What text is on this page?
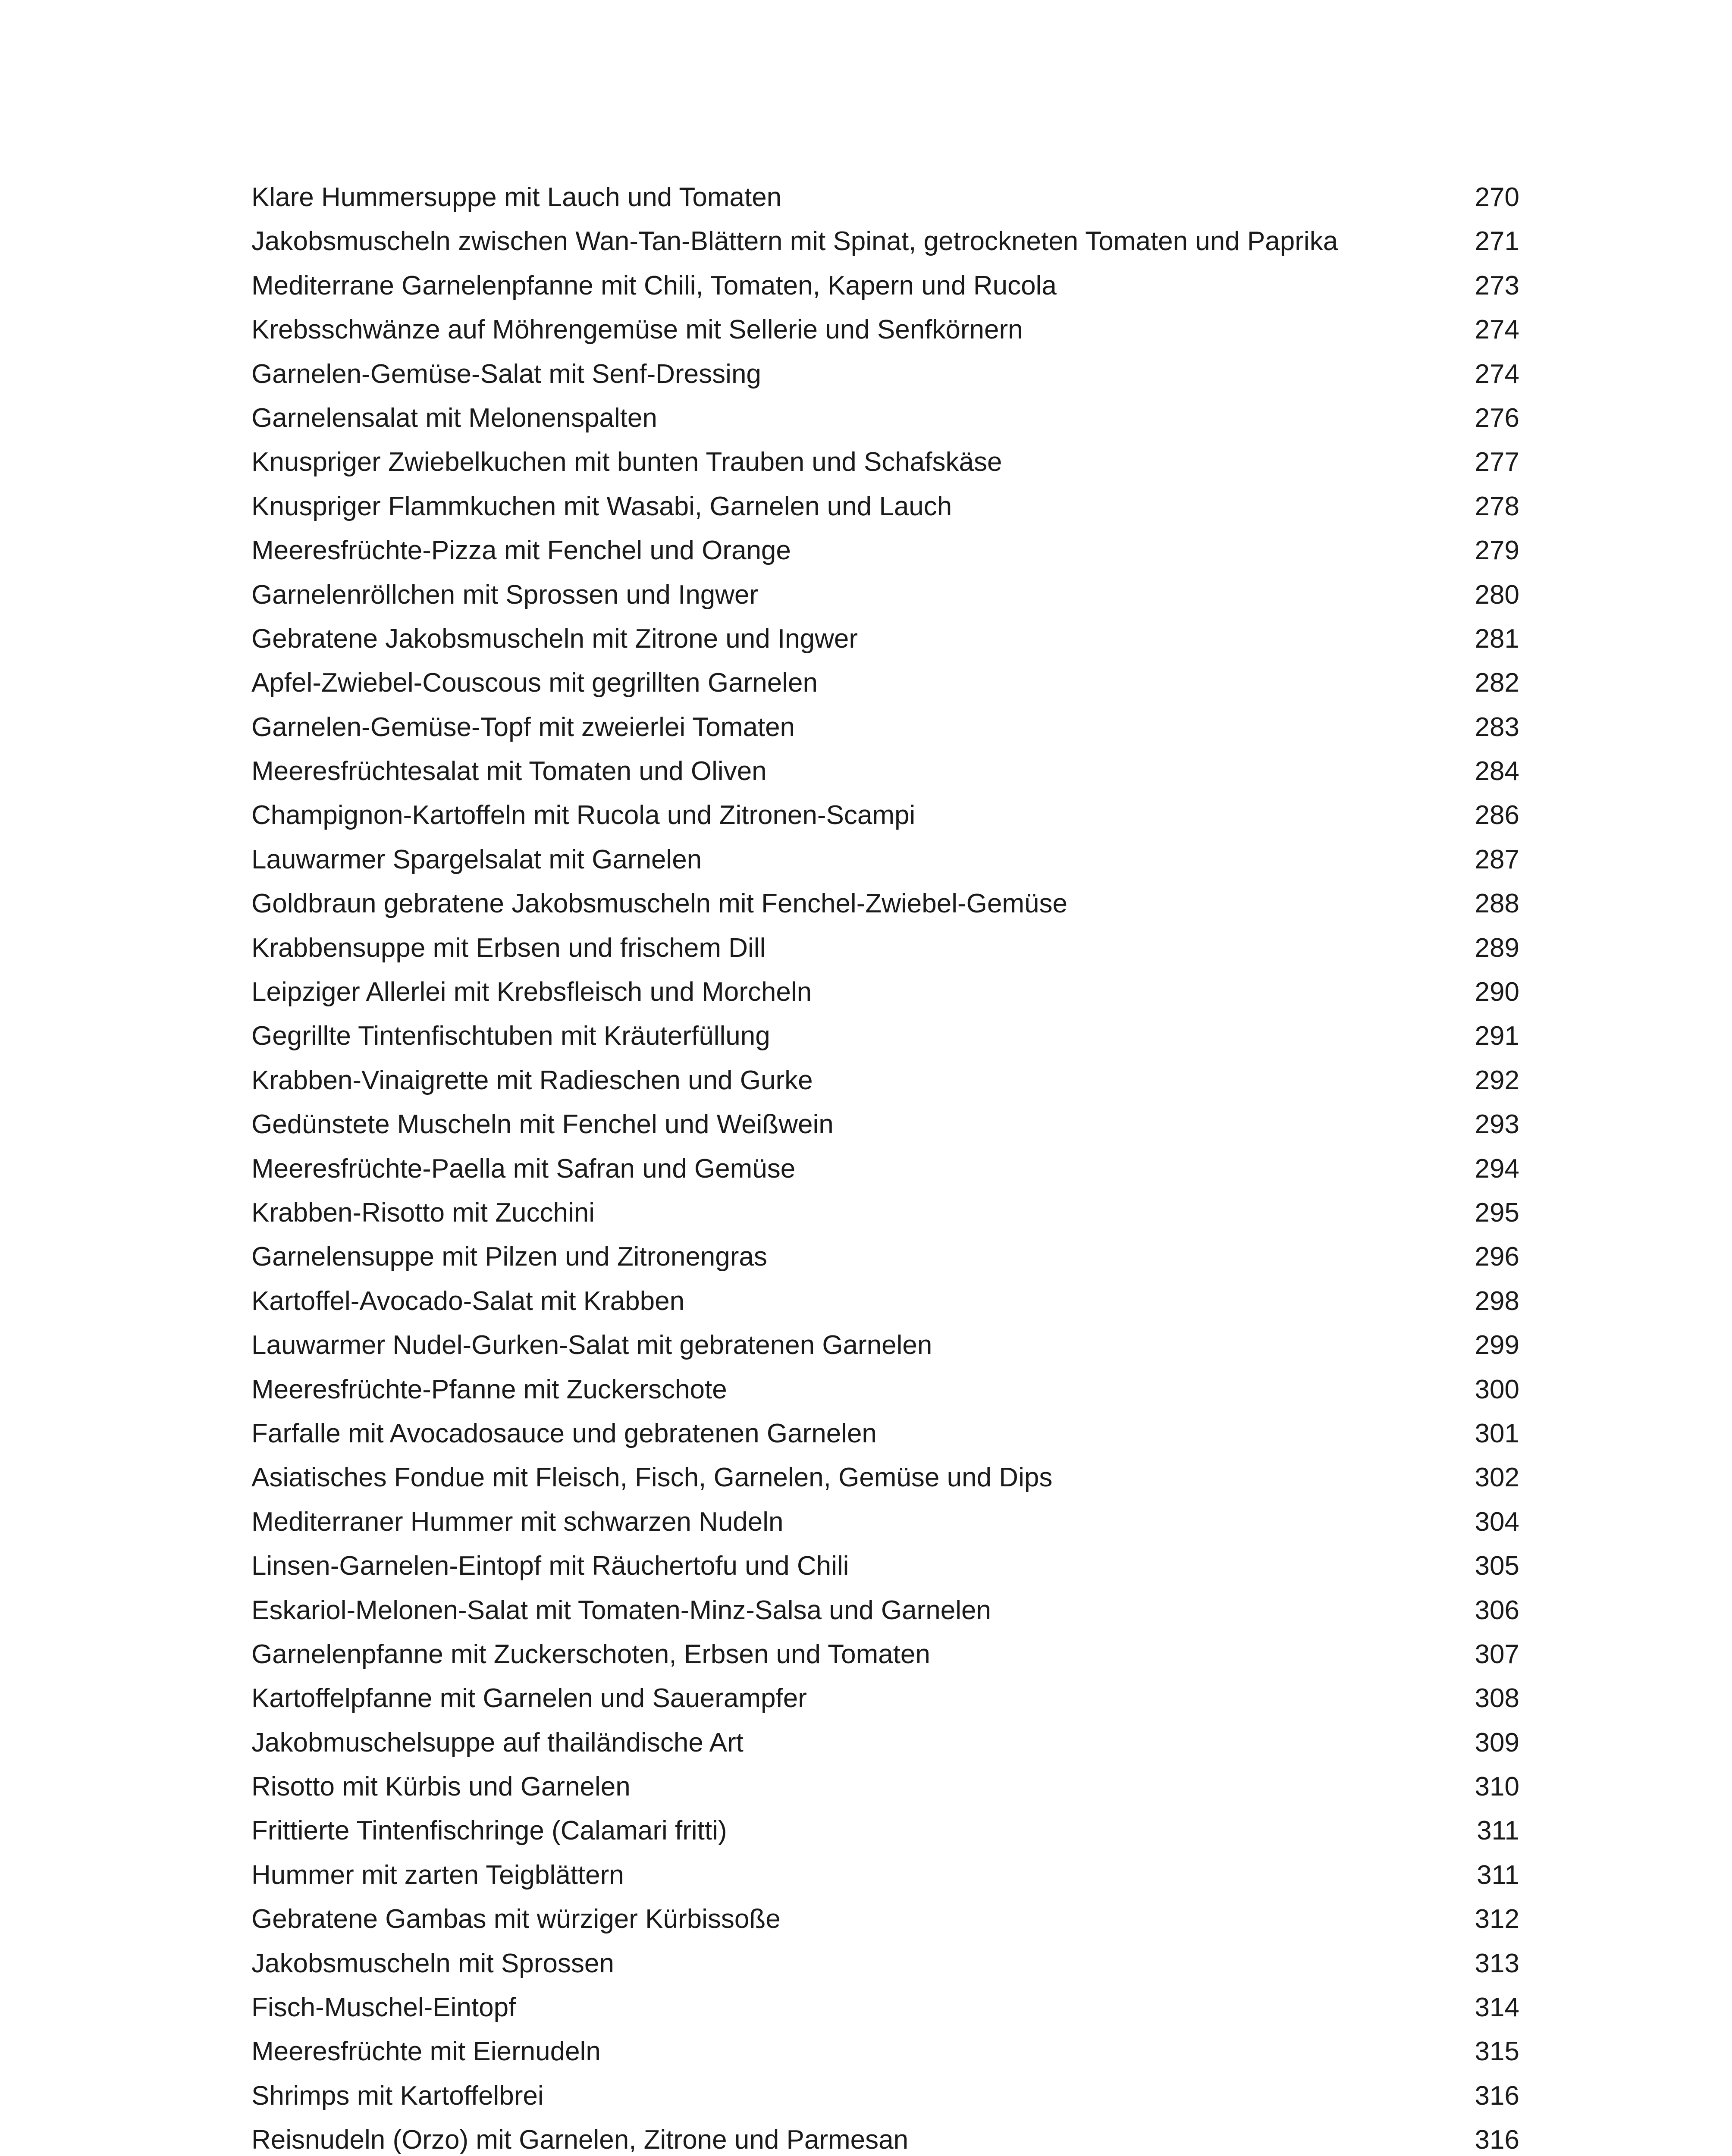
Klare Hummersuppe mit Lauch und Tomaten	270
Jakobsmuscheln zwischen Wan-Tan-Blättern mit Spinat, getrockneten Tomaten und Paprika	271
Mediterrane Garnelenpfanne mit Chili, Tomaten, Kapern und Rucola	273
Krebsschwänze auf Möhrengemüse mit Sellerie und Senfkörnern	274
Garnelen-Gemüse-Salat mit Senf-Dressing	274
Garnelensalat mit Melonenspalten	276
Knuspriger Zwiebelkuchen mit bunten Trauben und Schafskäse	277
Knuspriger Flammkuchen mit Wasabi, Garnelen und Lauch	278
Meeresfrüchte-Pizza mit Fenchel und Orange	279
Garnelenröllchen mit Sprossen und Ingwer	280
Gebratene Jakobsmuscheln mit Zitrone und Ingwer	281
Apfel-Zwiebel-Couscous mit gegrillten Garnelen	282
Garnelen-Gemüse-Topf mit zweierlei Tomaten	283
Meeresfrüchtesalat mit Tomaten und Oliven	284
Champignon-Kartoffeln mit Rucola und Zitronen-Scampi	286
Lauwarmer Spargelsalat mit Garnelen	287
Goldbraun gebratene Jakobsmuscheln mit Fenchel-Zwiebel-Gemüse	288
Krabbensuppe mit Erbsen und frischem Dill	289
Leipziger Allerlei mit Krebsfleisch und Morcheln	290
Gegrillte Tintenfischtuben mit Kräuterfüllung	291
Krabben-Vinaigrette mit Radieschen und Gurke	292
Gedünstete Muscheln mit Fenchel und Weißwein	293
Meeresfrüchte-Paella mit Safran und Gemüse	294
Krabben-Risotto mit Zucchini	295
Garnelensuppe mit Pilzen und Zitronengras	296
Kartoffel-Avocado-Salat mit Krabben	298
Lauwarmer Nudel-Gurken-Salat mit gebratenen Garnelen	299
Meeresfrüchte-Pfanne mit Zuckerschote	300
Farfalle mit Avocadosauce und gebratenen Garnelen	301
Asiatisches Fondue mit Fleisch, Fisch, Garnelen, Gemüse und Dips	302
Mediterraner Hummer mit schwarzen Nudeln	304
Linsen-Garnelen-Eintopf mit Räuchertofu und Chili	305
Eskariol-Melonen-Salat mit Tomaten-Minz-Salsa und Garnelen	306
Garnelenpfanne mit Zuckerschoten, Erbsen und Tomaten	307
Kartoffelpfanne mit Garnelen und Sauerampfer	308
Jakobmuschelsuppe auf thailändische Art	309
Risotto mit Kürbis und Garnelen	310
Frittierte Tintenfischringe (Calamari fritti)	311
Hummer mit zarten Teigblättern	311
Gebratene Gambas mit würziger Kürbissoße	312
Jakobsmuscheln mit Sprossen	313
Fisch-Muschel-Eintopf	314
Meeresfrüchte mit Eiernudeln	315
Shrimps mit Kartoffelbrei	316
Reisnudeln (Orzo) mit Garnelen, Zitrone und Parmesan	316
